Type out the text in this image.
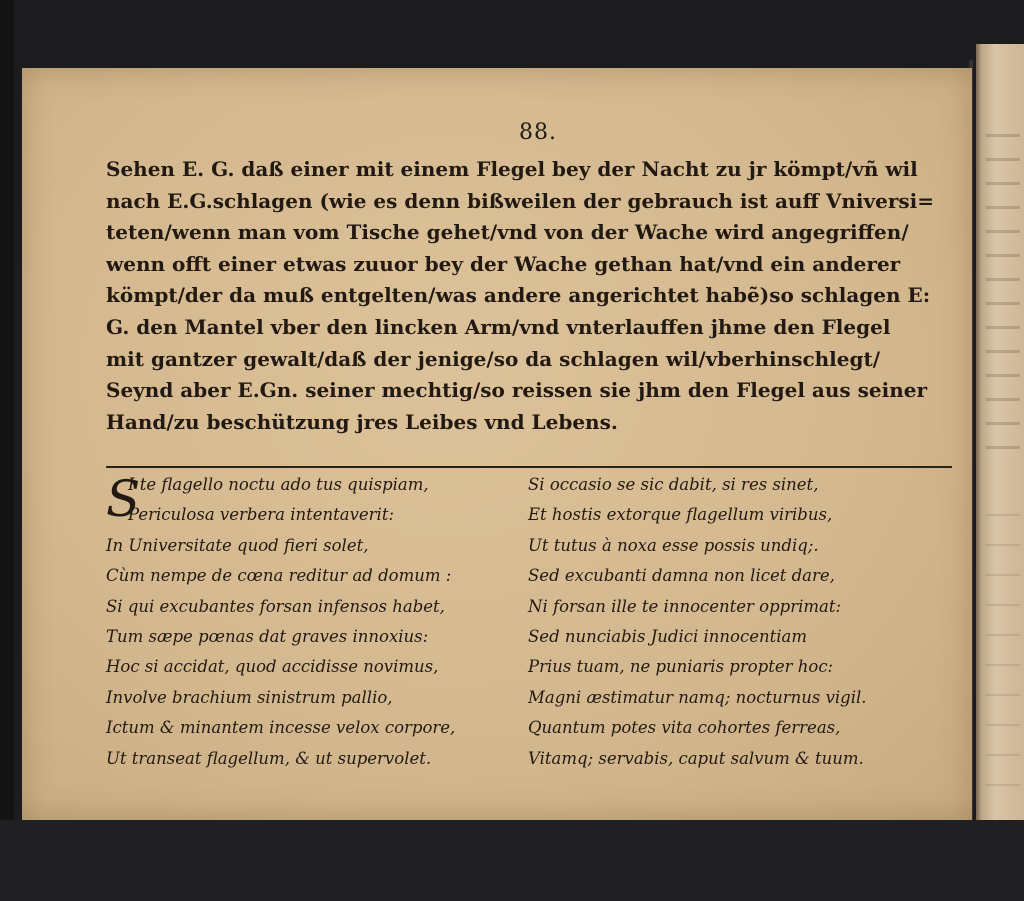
88.
Sehen E. G. daß einer mit einem Flegel bey der Nacht zu jr kömpt/vñ wil
nach E.G.schlagen (wie es denn bißweilen der gebrauch ist auff Vniversi=
teten/wenn man vom Tische gehet/vnd von der Wache wird angegriffen/
wenn offt einer etwas zuuor bey der Wache gethan hat/vnd ein anderer
kömpt/der da muß entgelten/was andere angerichtet habẽ)so schlagen E:
G. den Mantel vber den lincken Arm/vnd vnterlauffen jhme den Flegel
mit gantzer gewalt/daß der jenige/so da schlagen wil/vberhinschlegt/
Seynd aber E.Gn. seiner mechtig/so reissen sie jhm den Flegel aus seiner
Hand/zu beschützung jres Leibes vnd Lebens.
S
I te flagello noctu ado tus quispiam,
Periculosa verbera intentaverit:
In Universitate quod fieri solet,
Cùm nempe de cœna reditur ad domum :
Si qui excubantes forsan infensos habet,
Tum sæpe pœnas dat graves innoxius:
Hoc si accidat, quod accidisse novimus,
Involve brachium sinistrum pallio,
Ictum & minantem incesse velox corpore,
Ut transeat flagellum, & ut supervolet.
Si occasio se sic dabit, si res sinet,
Et hostis extorque flagellum viribus,
Ut tutus à noxa esse possis undiq;.
Sed excubanti damna non licet dare,
Ni forsan ille te innocenter opprimat:
Sed nunciabis Judici innocentiam
Prius tuam, ne puniaris propter hoc:
Magni æstimatur namq; nocturnus vigil.
Quantum potes vita cohortes ferreas,
Vitamq; servabis, caput salvum & tuum.
